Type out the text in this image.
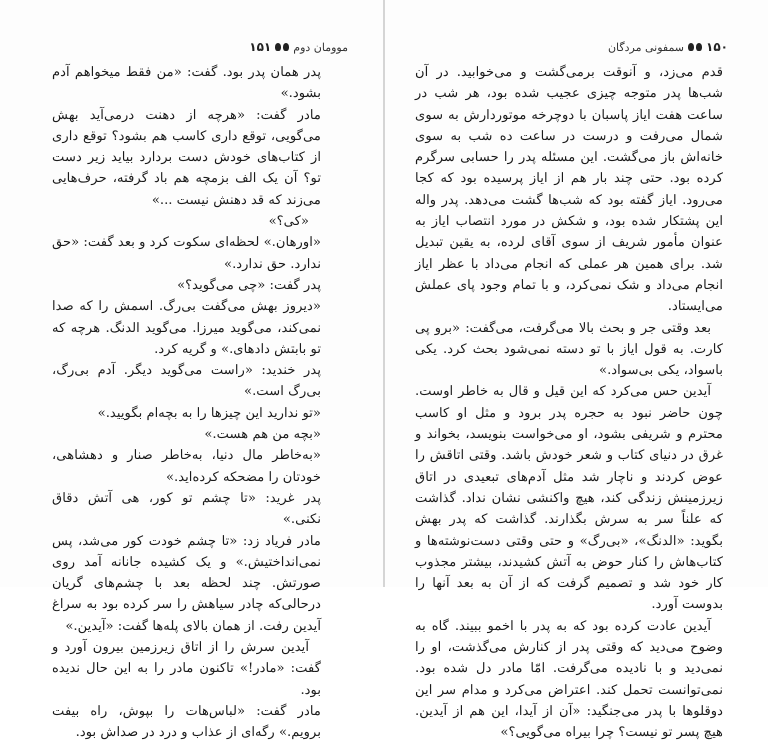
موومان دوم
۱۵۱

پدر همان پدر بود. گفت: «من فقط میخواهم آدم بشود.»

مادر گفت: «هرچه از دهنت درمی‌آید بهش می‌گویی، توقع داری کاسب هم بشود؟ توقع داری از کتاب‌های خودش دست بردارد بیاید زیر دست تو؟ آن یک الف بزمچه هم باد گرفته، حرف‌هایی می‌زند که قد دهنش نیست ...»

«کی؟»

«اورهان.» لحظه‌ای سکوت کرد و بعد گفت: «حق ندارد. حق ندارد.»

پدر گفت: «چی می‌گوید؟»

«دیروز بهش می‌گفت بی‌رگ. اسمش را که صدا نمی‌کند، می‌گوید میرزا. می‌گوید الدنگ. هرچه که تو بابتش دادهای.» و گریه کرد.

پدر خندید: «راست می‌گوید دیگر. آدم بی‌رگ، بی‌رگ است.»

«تو ندارید این چیزها را به بچه‌ام بگویید.»

«بچه من هم هست.»

«به‌خاطر مال دنیا، به‌خاطر صنار و دهشاهی، خودتان را مضحکه کرده‌اید.»

پدر غرید: «تا چشم تو کور، هی آتش دقاق نکنی.»

مادر فریاد زد: «تا چشم خودت کور می‌شد، پس نمی‌انداختیش.» و یک کشیده جانانه آمد روی صورتش. چند لحظه بعد با چشم‌های گریان درحالی‌که چادر سیاهش را سر کرده بود به سراغ آیدین رفت. از همان بالای پله‌ها گفت: «آیدین.»

آیدین سرش را از اتاق زیرزمین بیرون آورد و گفت: «مادر!» تاکنون مادر را به این حال ندیده بود.

مادر گفت: «لباس‌هات را بپوش، راه بیفت برویم.» رگه‌ای از عذاب و درد در صداش بود.

۱۵۰
سمفونی مردگان

قدم می‌زد، و آنوقت برمی‌گشت و می‌خوابید. در آن شب‌ها پدر متوجه چیزی عجیب شده بود، هر شب در ساعت هفت ایاز پاسبان با دوچرخه موتوردارش به سوی شمال می‌رفت و درست در ساعت ده شب به سوی خانه‌اش باز می‌گشت. این مسئله پدر را حسابی سرگرم کرده بود. حتی چند بار هم از ایاز پرسیده بود که کجا می‌رود. ایاز گفته بود که شب‌ها گشت می‌دهد. پدر واله این پشتکار شده بود، و شکش در مورد انتصاب ایاز به عنوان مأمور شریف از سوی آقای لرده، به یقین تبدیل شد. برای همین هر عملی که انجام می‌داد با عظر ایاز انجام می‌داد و شک نمی‌کرد، و با تمام وجود پای عملش می‌ایستاد.

بعد وقتی جر و بحث بالا می‌گرفت، می‌گفت: «برو پی کارت. به قول ایاز با تو دسته نمی‌شود بحث کرد. یکی باسواد، یکی بی‌سواد.»

آیدین حس می‌کرد که این قیل و قال به خاطر اوست. چون حاضر نبود به حجره پدر برود و مثل او کاسب محترم و شریفی بشود، او می‌خواست بنویسد، بخواند و غرق در دنیای کتاب و شعر خودش باشد. وقتی اتاقش را عوض کردند و ناچار شد مثل آدم‌های تبعیدی در اتاق زیرزمینش زندگی کند، هیچ واکنشی نشان نداد. گذاشت که علناً سر به سرش بگذارند. گذاشت که پدر بهش بگوید: «الدنگ»، «بی‌رگ» و حتی وقتی دست‌نوشته‌ها و کتاب‌هاش را کنار حوض به آتش کشیدند، بیشتر مجذوب کار خود شد و تصمیم گرفت که از آن به بعد آنها را بدوست آورد.

آیدین عادت کرده بود که به پدر با اخمو ببیند. گاه به وضوح می‌دید که وقتی پدر از کنارش می‌گذشت، او را نمی‌دید و با نادیده می‌گرفت. امّا مادر دل شده بود. نمی‌توانست تحمل کند. اعتراض می‌کرد و مدام سر این دوقلوها با پدر می‌جنگید: «آن از آیدا، این هم از آیدین. هیچ پسر تو نیست؟ چرا بیراه می‌گویی؟»
